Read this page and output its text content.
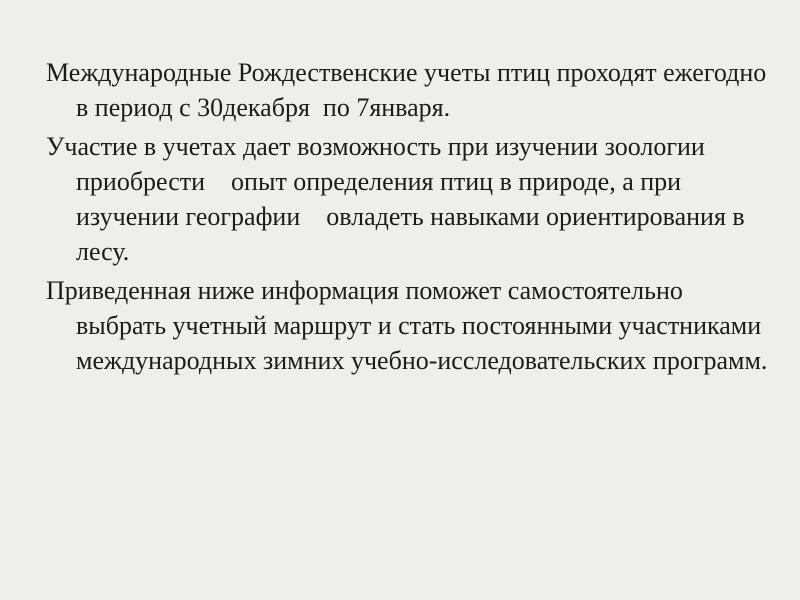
Международные Рождественские учеты птиц проходят ежегодно в период с 30декабря  по 7января.

Участие в учетах дает возможность при изучении зоологии приобрести    опыт определения птиц в природе, а при изучении географии    овладеть навыками ориентирования в лесу.

Приведенная ниже информация поможет самостоятельно выбрать учетный маршрут и стать постоянными участниками международных зимних учебно-исследовательских программ.
